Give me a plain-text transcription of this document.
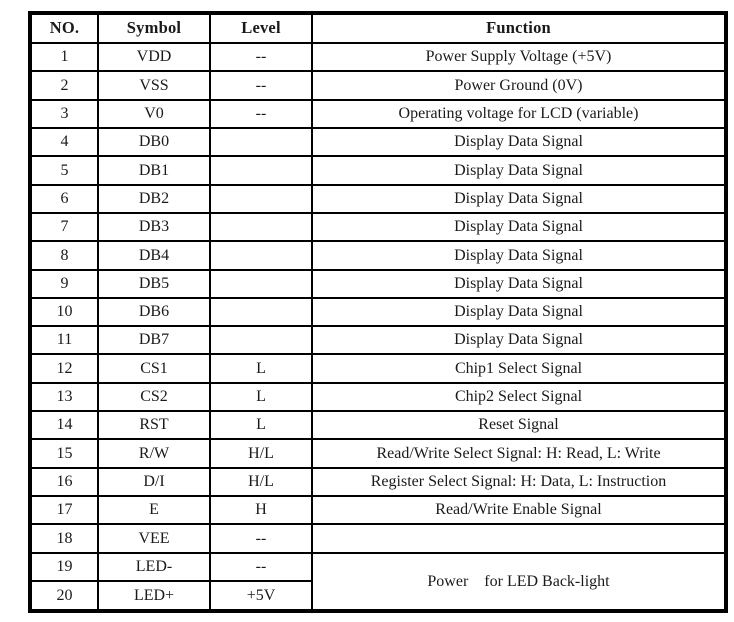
NO.	Symbol	Level	Function
1	VDD	--	Power Supply Voltage (+5V)
2	VSS	--	Power Ground (0V)
3	V0	--	Operating voltage for LCD (variable)
4	DB0		Display Data Signal
5	DB1		Display Data Signal
6	DB2		Display Data Signal
7	DB3		Display Data Signal
8	DB4		Display Data Signal
9	DB5		Display Data Signal
10	DB6		Display Data Signal
11	DB7		Display Data Signal
12	CS1	L	Chip1 Select Signal
13	CS2	L	Chip2 Select Signal
14	RST	L	Reset Signal
15	R/W	H/L	Read/Write Select Signal: H: Read, L: Write
16	D/I	H/L	Register Select Signal: H: Data, L: Instruction
17	E	H	Read/Write Enable Signal
18	VEE	--	
19	LED-	--	Power    for LED Back-light
20	LED+	+5V	
